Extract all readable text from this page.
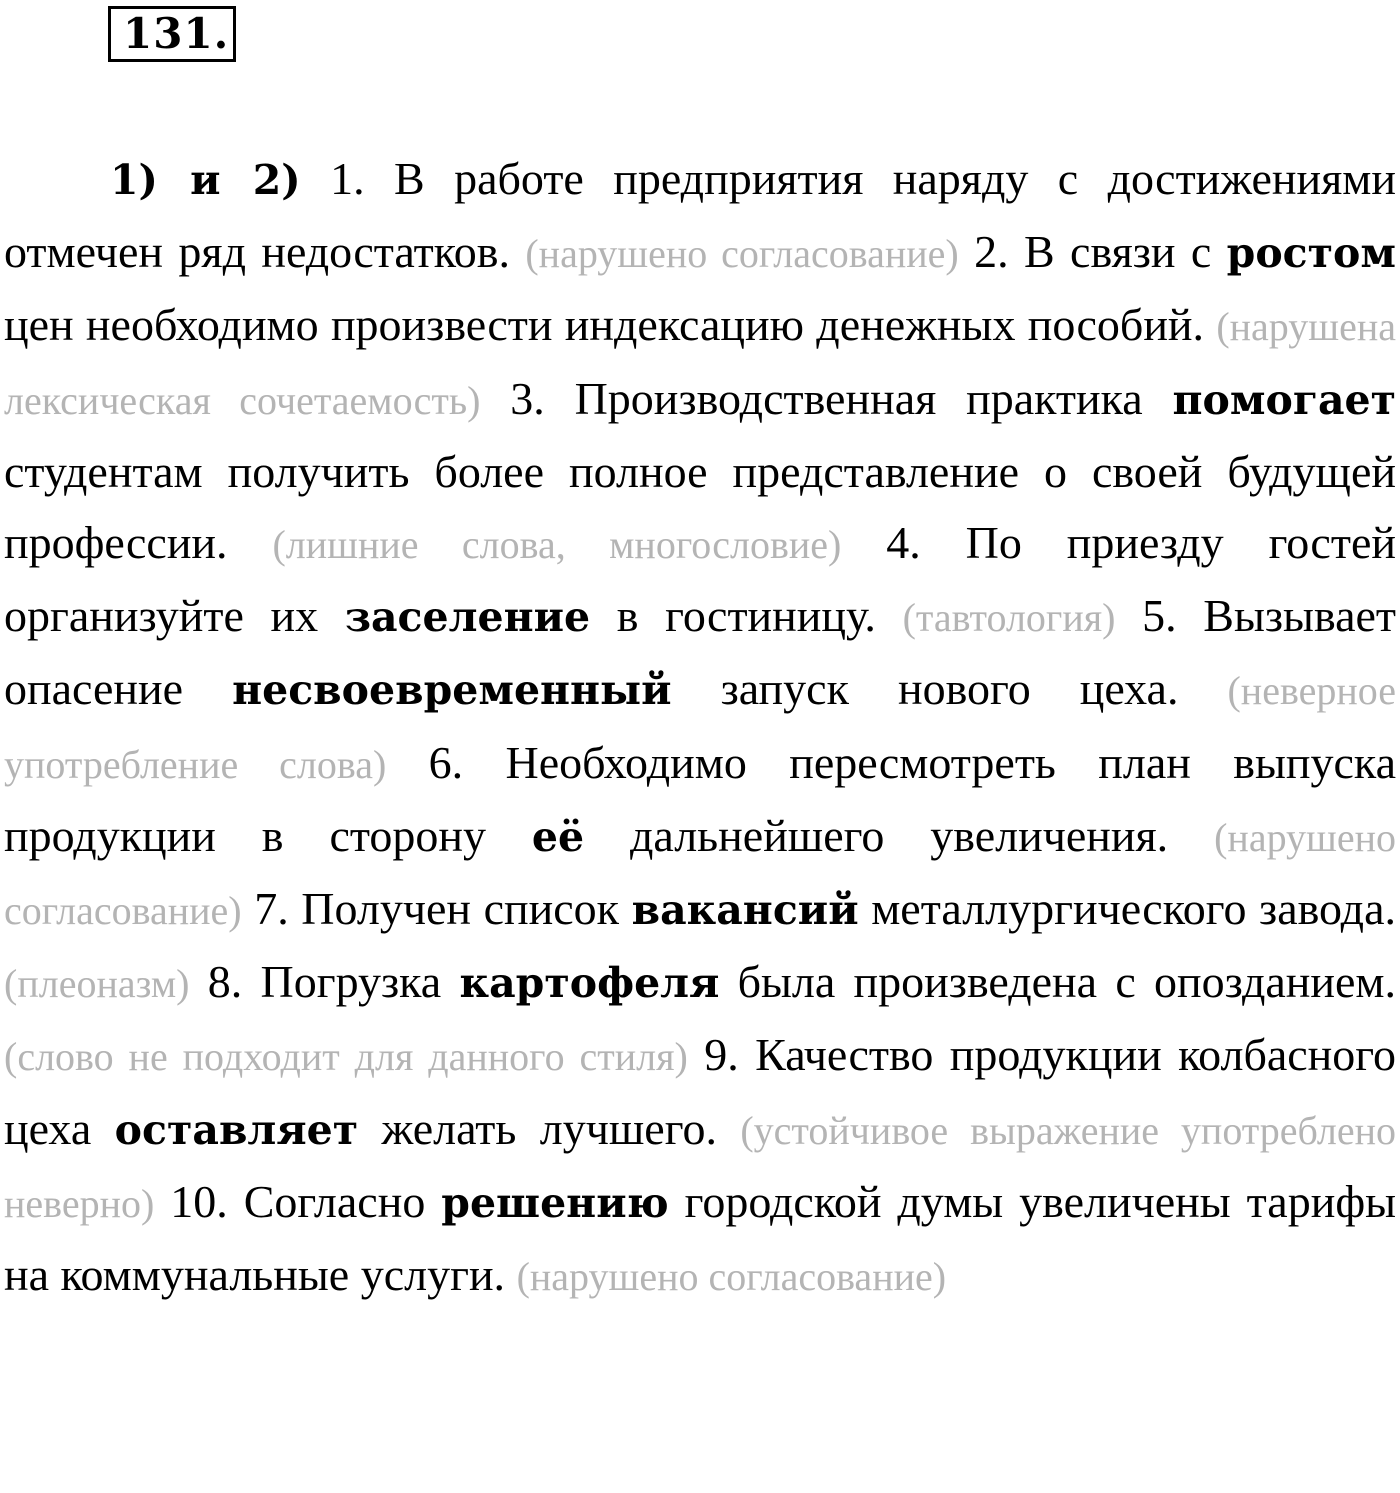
131.

1) и 2) 1. В работе предприятия наряду с достижениями отмечен ряд недостатков. (нарушено согласование) 2. В связи с ростом цен необходимо произвести индексацию денежных пособий. (нарушена лексическая сочетаемость) 3. Производственная практика помогает студентам получить более полное представление о своей будущей профессии. (лишние слова, многословие) 4. По приезду гостей организуйте их заселение в гостиницу. (тавтология) 5. Вызывает опасение несвоевременный запуск нового цеха. (неверное употребление слова) 6. Необходимо пересмотреть план выпуска продукции в сторону её дальнейшего увеличения. (нарушено согласование) 7. Получен список вакансий металлургического завода. (плеоназм) 8. Погрузка картофеля была произведена с опозданием. (слово не подходит для данного стиля) 9. Качество продукции колбасного цеха оставляет желать лучшего. (устойчивое выражение употреблено неверно) 10. Согласно решению городской думы увеличены тарифы на коммунальные услуги. (нарушено согласование)
